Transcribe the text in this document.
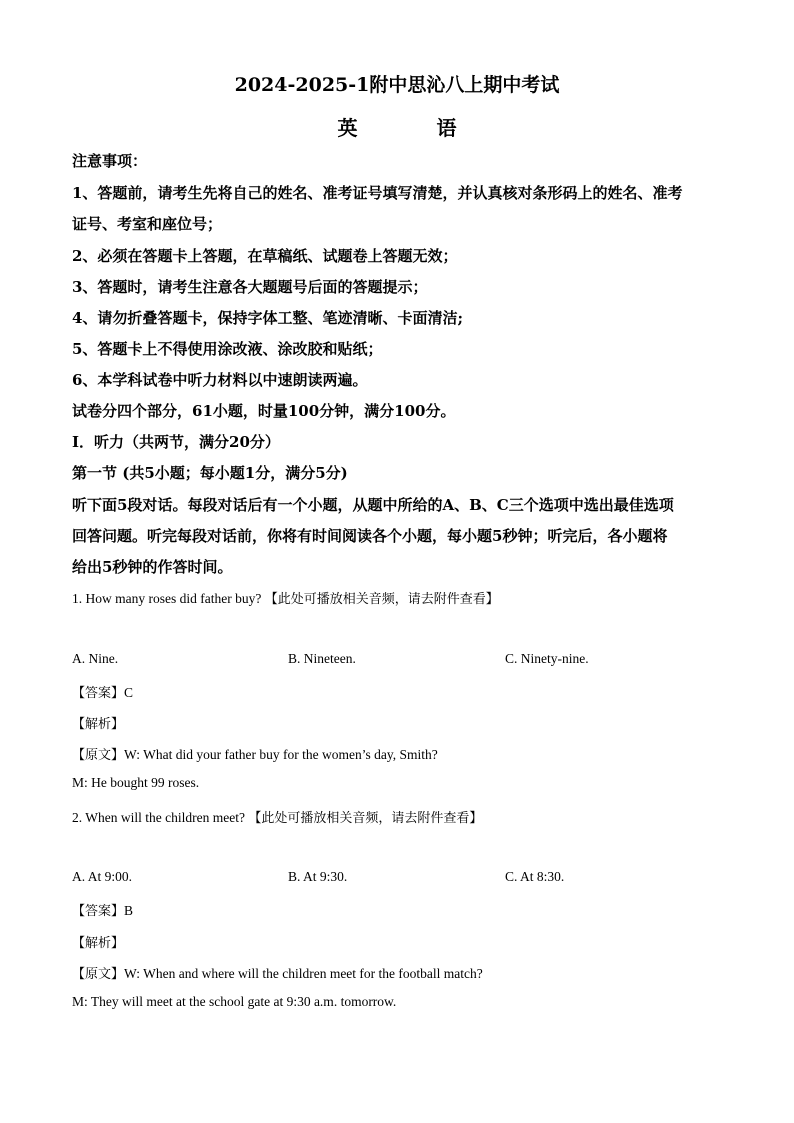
2024-2025-1附中思沁八上期中考试
英 语
注意事项：
1、答题前，请考生先将自己的姓名、准考证号填写清楚，并认真核对条形码上的姓名、准考
证号、考室和座位号；
2、必须在答题卡上答题，在草稿纸、试题卷上答题无效；
3、答题时，请考生注意各大题题号后面的答题提示；
4、请勿折叠答题卡，保持字体工整、笔迹清晰、卡面清洁;
5、答题卡上不得使用涂改液、涂改胶和贴纸；
6、本学科试卷中听力材料以中速朗读两遍。
试卷分四个部分，61小题，时量100分钟，满分100分。
I．听力（共两节，满分20分）
第一节 (共5小题；每小题1分，满分5分)
听下面5段对话。每段对话后有一个小题，从题中所给的A、B、C三个选项中选出最佳选项
回答问题。听完每段对话前，你将有时间阅读各个小题，每小题5秒钟；听完后，各小题将
给出5秒钟的作答时间。
1. How many roses did father buy? 【此处可播放相关音频，请去附件查看】
A. Nine.	B. Nineteen.	C. Ninety-nine.
【答案】C
【解析】
【原文】W: What did your father buy for the women’s day, Smith?
M: He bought 99 roses.
2. When will the children meet? 【此处可播放相关音频，请去附件查看】
A. At 9:00.	B. At 9:30.	C. At 8:30.
【答案】B
【解析】
【原文】W: When and where will the children meet for the football match?
M: They will meet at the school gate at 9:30 a.m. tomorrow.
